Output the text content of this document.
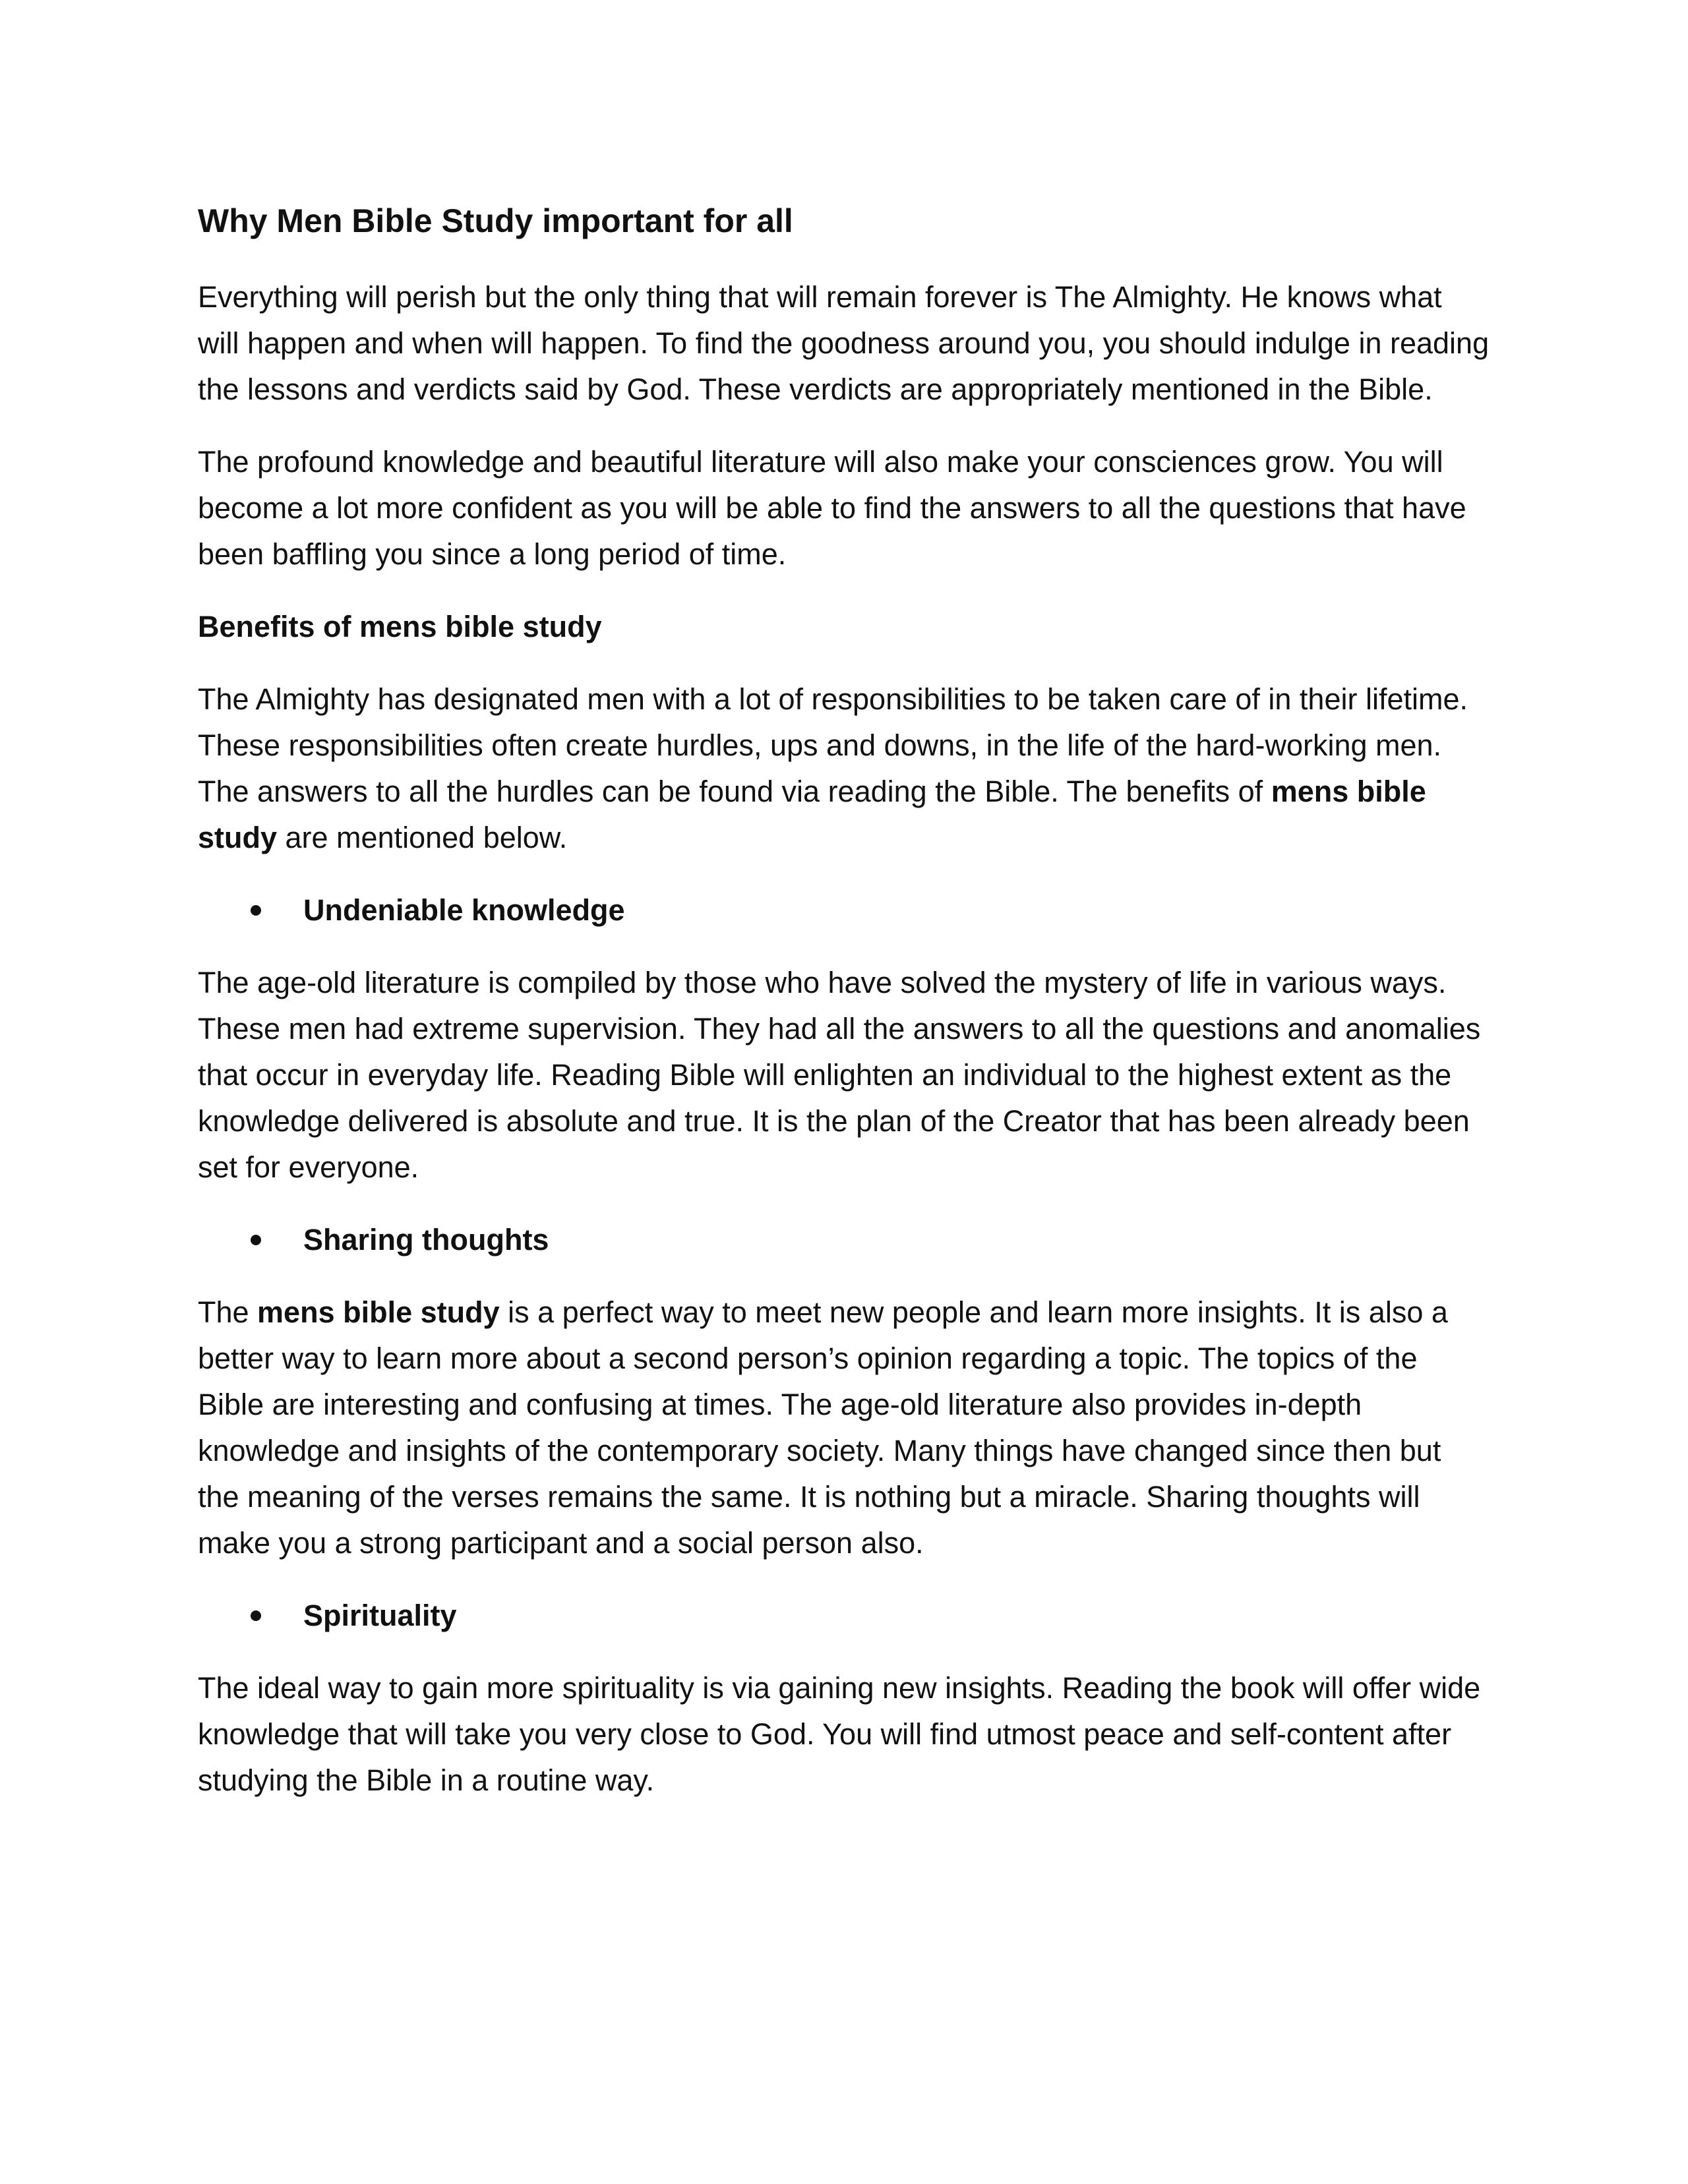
Why Men Bible Study important for all

Everything will perish but the only thing that will remain forever is The Almighty. He knows what will happen and when will happen. To find the goodness around you, you should indulge in reading the lessons and verdicts said by God. These verdicts are appropriately mentioned in the Bible.

The profound knowledge and beautiful literature will also make your consciences grow. You will become a lot more confident as you will be able to find the answers to all the questions that have been baffling you since a long period of time.

Benefits of mens bible study

The Almighty has designated men with a lot of responsibilities to be taken care of in their lifetime. These responsibilities often create hurdles, ups and downs, in the life of the hard-working men. The answers to all the hurdles can be found via reading the Bible. The benefits of mens bible study are mentioned below.

Undeniable knowledge

The age-old literature is compiled by those who have solved the mystery of life in various ways. These men had extreme supervision. They had all the answers to all the questions and anomalies that occur in everyday life. Reading Bible will enlighten an individual to the highest extent as the knowledge delivered is absolute and true. It is the plan of the Creator that has been already been set for everyone.

Sharing thoughts

The mens bible study is a perfect way to meet new people and learn more insights. It is also a better way to learn more about a second person’s opinion regarding a topic. The topics of the Bible are interesting and confusing at times. The age-old literature also provides in-depth knowledge and insights of the contemporary society. Many things have changed since then but the meaning of the verses remains the same. It is nothing but a miracle. Sharing thoughts will make you a strong participant and a social person also.

Spirituality

The ideal way to gain more spirituality is via gaining new insights. Reading the book will offer wide knowledge that will take you very close to God. You will find utmost peace and self-content after studying the Bible in a routine way.
